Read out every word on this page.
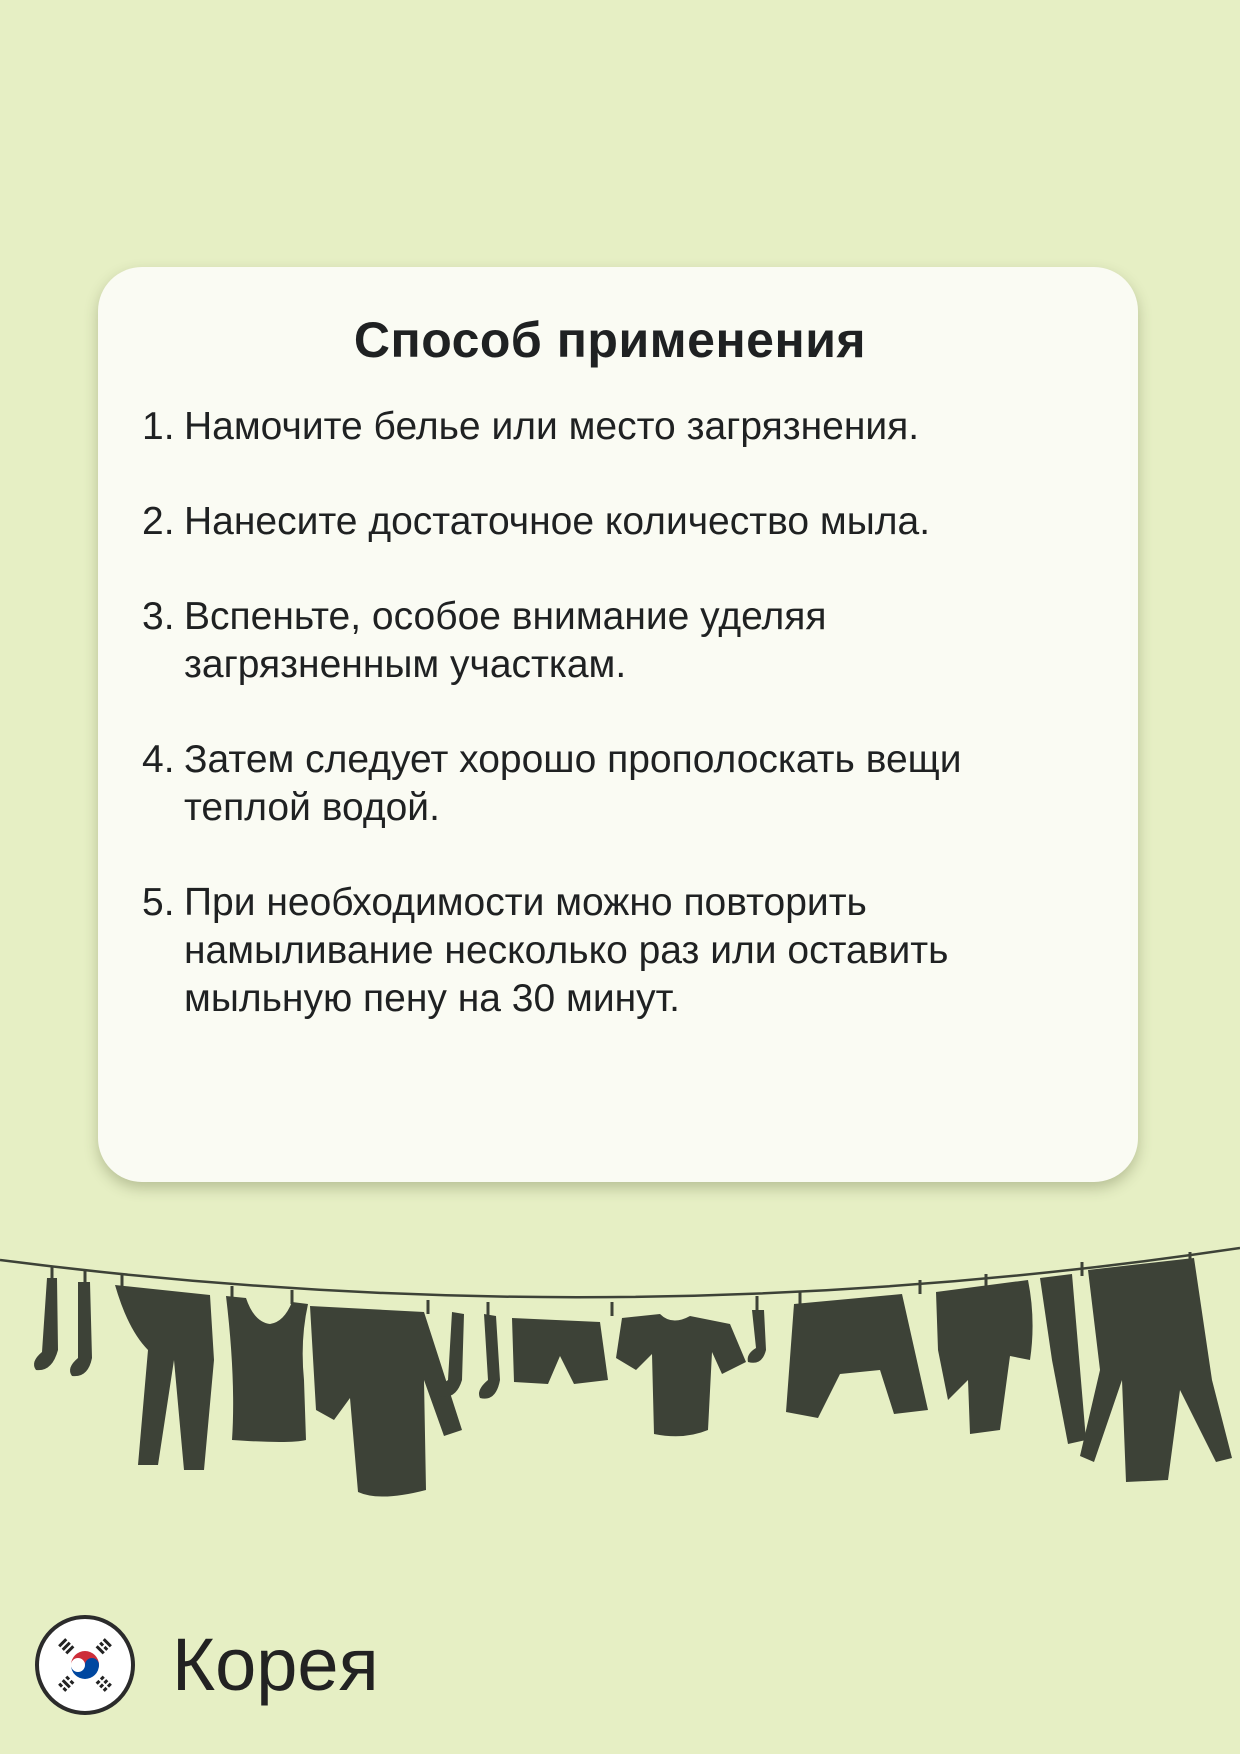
Способ применения
1. Намочите белье или место загрязнения.
2. Нанесите достаточное количество мыла.
3. Вспеньте, особое внимание уделяя загрязненным участкам.
4. Затем следует хорошо прополоскать вещи теплой водой.
5. При необходимости можно повторить намыливание несколько раз или оставить мыльную пену на 30 минут.
Корея
